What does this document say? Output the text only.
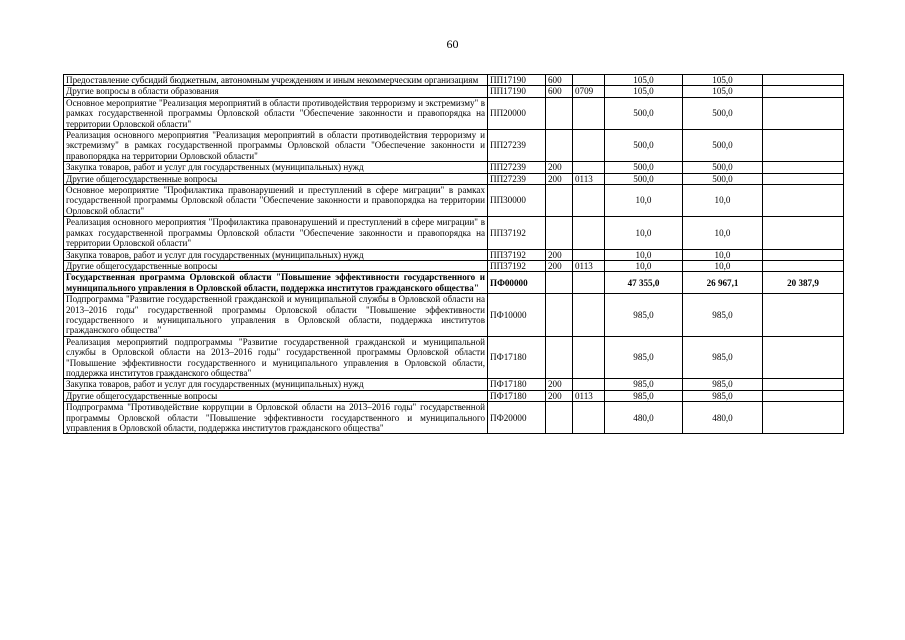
60
Предоставление субсидий бюджетным, автономным учреждениям и иным некоммерческим организациям	ПП17190	600		105,0	105,0	
Другие вопросы в области образования	ПП17190	600	0709	105,0	105,0	
Основное мероприятие "Реализация мероприятий в области противодействия терроризму и экстремизму" в рамках государственной программы Орловской области "Обеспечение законности и правопорядка на территории Орловской области"	ПП20000			500,0	500,0	
Реализация основного мероприятия "Реализация мероприятий в области противодействия терроризму и экстремизму" в рамках государственной программы Орловской области "Обеспечение законности и правопорядка на территории Орловской области"	ПП27239			500,0	500,0	
Закупка товаров, работ и услуг для государственных (муниципальных) нужд	ПП27239	200		500,0	500,0	
Другие общегосударственные вопросы	ПП27239	200	0113	500,0	500,0	
Основное мероприятие "Профилактика правонарушений и преступлений в сфере миграции" в рамках государственной программы Орловской области "Обеспечение законности и правопорядка на территории Орловской области"	ПП30000			10,0	10,0	
Реализация основного мероприятия "Профилактика правонарушений и преступлений в сфере миграции" в рамках государственной программы Орловской области "Обеспечение законности и правопорядка на территории Орловской области"	ПП37192			10,0	10,0	
Закупка товаров, работ и услуг для государственных (муниципальных) нужд	ПП37192	200		10,0	10,0	
Другие общегосударственные вопросы	ПП37192	200	0113	10,0	10,0	
Государственная программа Орловской области "Повышение эффективности государственного и муниципального управления в Орловской области, поддержка институтов гражданского общества"	ПФ00000			47 355,0	26 967,1	20 387,9
Подпрограмма "Развитие государственной гражданской и муниципальной службы в Орловской области на 2013–2016 годы" государственной программы Орловской области "Повышение эффективности государственного и муниципального управления в Орловской области, поддержка институтов гражданского общества"	ПФ10000			985,0	985,0	
Реализация мероприятий подпрограммы "Развитие государственной гражданской и муниципальной службы в Орловской области на 2013–2016 годы" государственной программы Орловской области "Повышение эффективности государственного и муниципального управления в Орловской области, поддержка институтов гражданского общества"	ПФ17180			985,0	985,0	
Закупка товаров, работ и услуг для государственных (муниципальных) нужд	ПФ17180	200		985,0	985,0	
Другие общегосударственные вопросы	ПФ17180	200	0113	985,0	985,0	
Подпрограмма "Противодействие коррупции в Орловской области на 2013–2016 годы" государственной программы Орловской области "Повышение эффективности государственного и муниципального управления в Орловской области, поддержка институтов гражданского общества"	ПФ20000			480,0	480,0	
